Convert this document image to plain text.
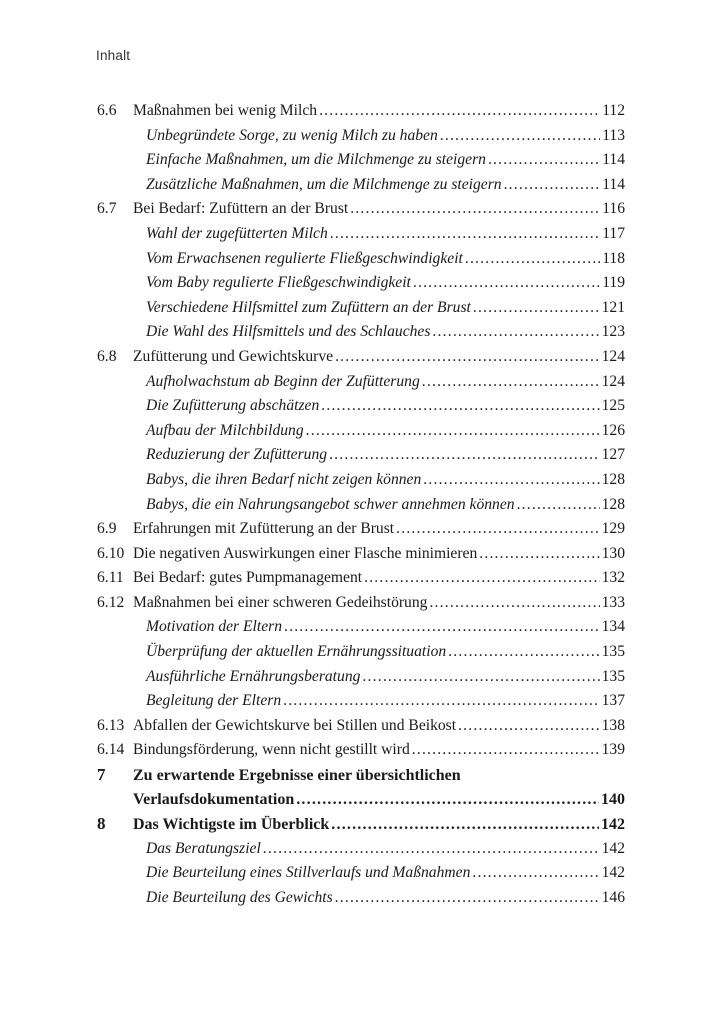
Inhalt
6.6	Maßnahmen bei wenig Milch .....	112
Unbegründete Sorge, zu wenig Milch zu haben .....	113
Einfache Maßnahmen, um die Milchmenge zu steigern .....	114
Zusätzliche Maßnahmen, um die Milchmenge zu steigern .....	114
6.7	Bei Bedarf: Zufüttern an der Brust .....	116
Wahl der zugefütterten Milch .....	117
Vom Erwachsenen regulierte Fließgeschwindigkeit .....	118
Vom Baby regulierte Fließgeschwindigkeit .....	119
Verschiedene Hilfsmittel zum Zufüttern an der Brust .....	121
Die Wahl des Hilfsmittels und des Schlauches .....	123
6.8	Zufütterung und Gewichtskurve .....	124
Aufholwachstum ab Beginn der Zufütterung .....	124
Die Zufütterung abschätzen .....	125
Aufbau der Milchbildung .....	126
Reduzierung der Zufütterung .....	127
Babys, die ihren Bedarf nicht zeigen können .....	128
Babys, die ein Nahrungsangebot schwer annehmen können .....	128
6.9	Erfahrungen mit Zufütterung an der Brust .....	129
6.10 Die negativen Auswirkungen einer Flasche minimieren .....	130
6.11 Bei Bedarf: gutes Pumpmanagement .....	132
6.12 Maßnahmen bei einer schweren Gedeihstörung .....	133
Motivation der Eltern .....	134
Überprüfung der aktuellen Ernährungssituation .....	135
Ausführliche Ernährungsberatung .....	135
Begleitung der Eltern .....	137
6.13 Abfallen der Gewichtskurve bei Stillen und Beikost .....	138
6.14 Bindungsförderung, wenn nicht gestillt wird .....	139
7	Zu erwartende Ergebnisse einer übersichtlichen
Verlaufsdokumentation .....	140
8	Das Wichtigste im Überblick .....	142
Das Beratungsziel .....	142
Die Beurteilung eines Stillverlaufs und Maßnahmen .....	142
Die Beurteilung des Gewichts .....	146
